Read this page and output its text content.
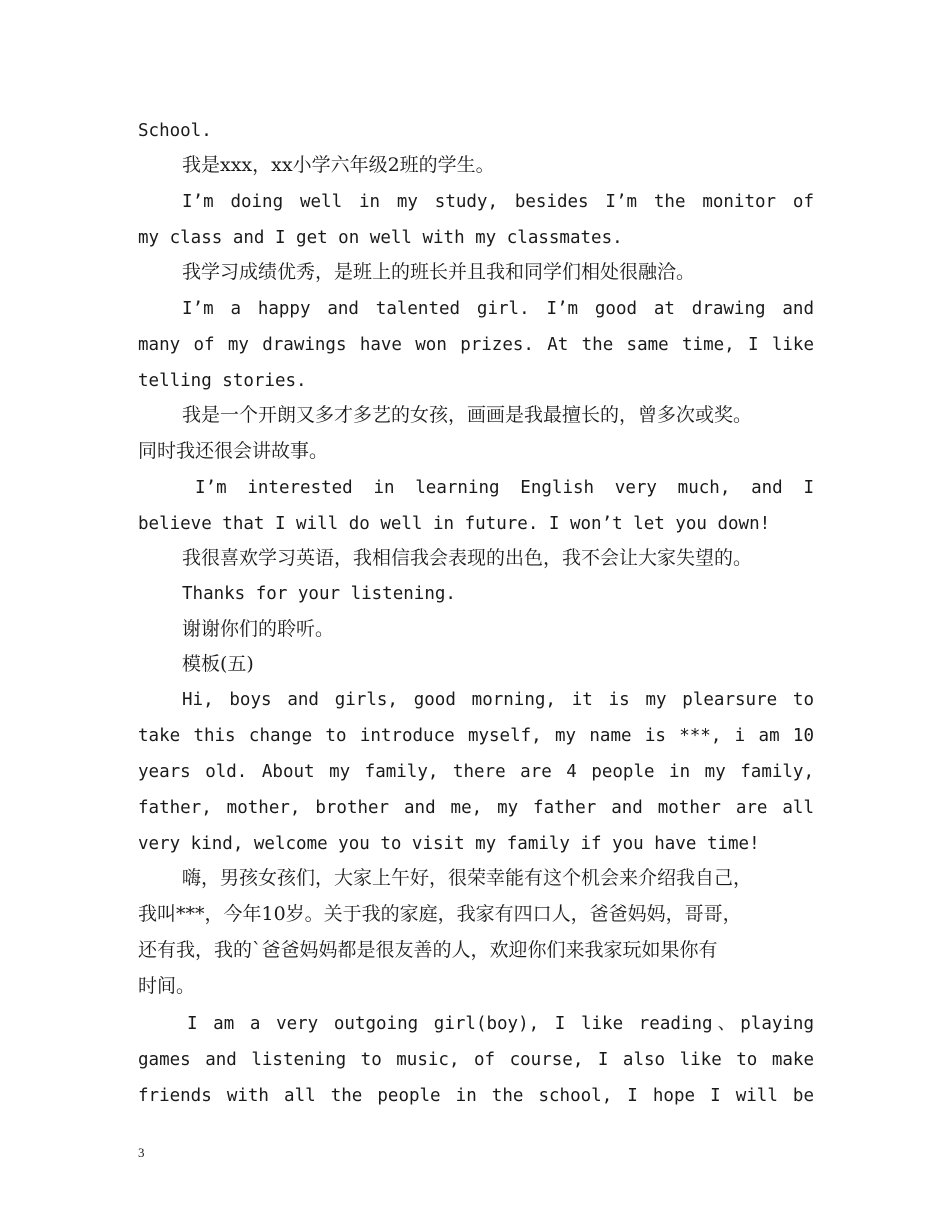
School.
我是xxx，xx小学六年级2班的学生。
I’m doing well in my study, besides I’m the monitor of
my class and I get on well with my classmates.
我学习成绩优秀，是班上的班长并且我和同学们相处很融洽。
I’m a happy and talented girl. I’m good at drawing and
many of my drawings have won prizes. At the same time, I like
telling stories.
我是一个开朗又多才多艺的女孩，画画是我最擅长的，曾多次或奖。
同时我还很会讲故事。
I’m interested in learning English very much, and I
believe that I will do well in future. I won’t let you down!
我很喜欢学习英语，我相信我会表现的出色，我不会让大家失望的。
Thanks for your listening.
谢谢你们的聆听。
模板(五)
Hi, boys and girls, good morning, it is my plearsure to
take this change to introduce myself, my name is ***, i am 10
years old. About my family, there are 4 people in my family,
father, mother, brother and me, my father and mother are all
very kind, welcome you to visit my family if you have time!
嗨，男孩女孩们，大家上午好，很荣幸能有这个机会来介绍我自己，
我叫***，今年10岁。关于我的家庭，我家有四口人，爸爸妈妈，哥哥，
还有我，我的`爸爸妈妈都是很友善的人，欢迎你们来我家玩如果你有
时间。
I am a very outgoing girl(boy), I like reading、playing
games and listening to music, of course, I also like to make
friends with all the people in the school, I hope I will be
3
